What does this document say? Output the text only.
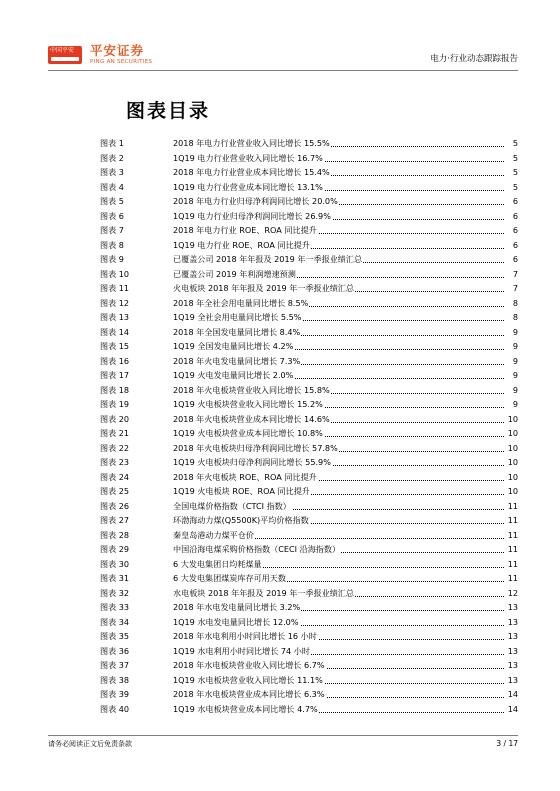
中国平安 平安证券
PING AN SECURITIES	电力·行业动态跟踪报告
图表目录
图表 1	2018 年电力行业营业收入同比增长 15.5%	5
图表 2	1Q19 电力行业营业收入同比增长 16.7%	5
图表 3	2018 年电力行业营业成本同比增长 15.4%	5
图表 4	1Q19 电力行业营业成本同比增长 13.1%	5
图表 5	2018 年电力行业归母净利润同比增长 20.0%	6
图表 6	1Q19 电力行业归母净利润同比增长 26.9%	6
图表 7	2018 年电力行业 ROE、ROA 同比提升	6
图表 8	1Q19 电力行业 ROE、ROA 同比提升	6
图表 9	已覆盖公司 2018 年年报及 2019 年一季报业绩汇总	6
图表 10	已覆盖公司 2019 年利润增速预测	7
图表 11	火电板块 2018 年年报及 2019 年一季报业绩汇总	7
图表 12	2018 年全社会用电量同比增长 8.5%	8
图表 13	1Q19 全社会用电量同比增长 5.5%	8
图表 14	2018 年全国发电量同比增长 8.4%	9
图表 15	1Q19 全国发电量同比增长 4.2%	9
图表 16	2018 年火电发电量同比增长 7.3%	9
图表 17	1Q19 火电发电量同比增长 2.0%	9
图表 18	2018 年火电板块营业收入同比增长 15.8%	9
图表 19	1Q19 火电板块营业收入同比增长 15.2%	9
图表 20	2018 年火电板块营业成本同比增长 14.6%	10
图表 21	1Q19 火电板块营业成本同比增长 10.8%	10
图表 22	2018 年火电板块归母净利润同比增长 57.8%	10
图表 23	1Q19 火电板块归母净利润同比增长 55.9%	10
图表 24	2018 年火电板块 ROE、ROA 同比提升	10
图表 25	1Q19 火电板块 ROE、ROA 同比提升	10
图表 26	全国电煤价格指数（CTCI 指数）	11
图表 27	环渤海动力煤(Q5500K)平均价格指数	11
图表 28	秦皇岛港动力煤平仓价	11
图表 29	中国沿海电煤采购价格指数（CECI 沿海指数）	11
图表 30	6 大发电集团日均耗煤量	11
图表 31	6 大发电集团煤炭库存可用天数	11
图表 32	水电板块 2018 年年报及 2019 年一季报业绩汇总	12
图表 33	2018 年水电发电量同比增长 3.2%	13
图表 34	1Q19 水电发电量同比增长 12.0%	13
图表 35	2018 年水电利用小时同比增长 16 小时	13
图表 36	1Q19 水电利用小时同比增长 74 小时	13
图表 37	2018 年水电板块营业收入同比增长 6.7%	13
图表 38	1Q19 水电板块营业收入同比增长 11.1%	13
图表 39	2018 年水电板块营业成本同比增长 6.3%	14
图表 40	1Q19 水电板块营业成本同比增长 4.7%	14
请务必阅读正文后免责条款	3 / 17
